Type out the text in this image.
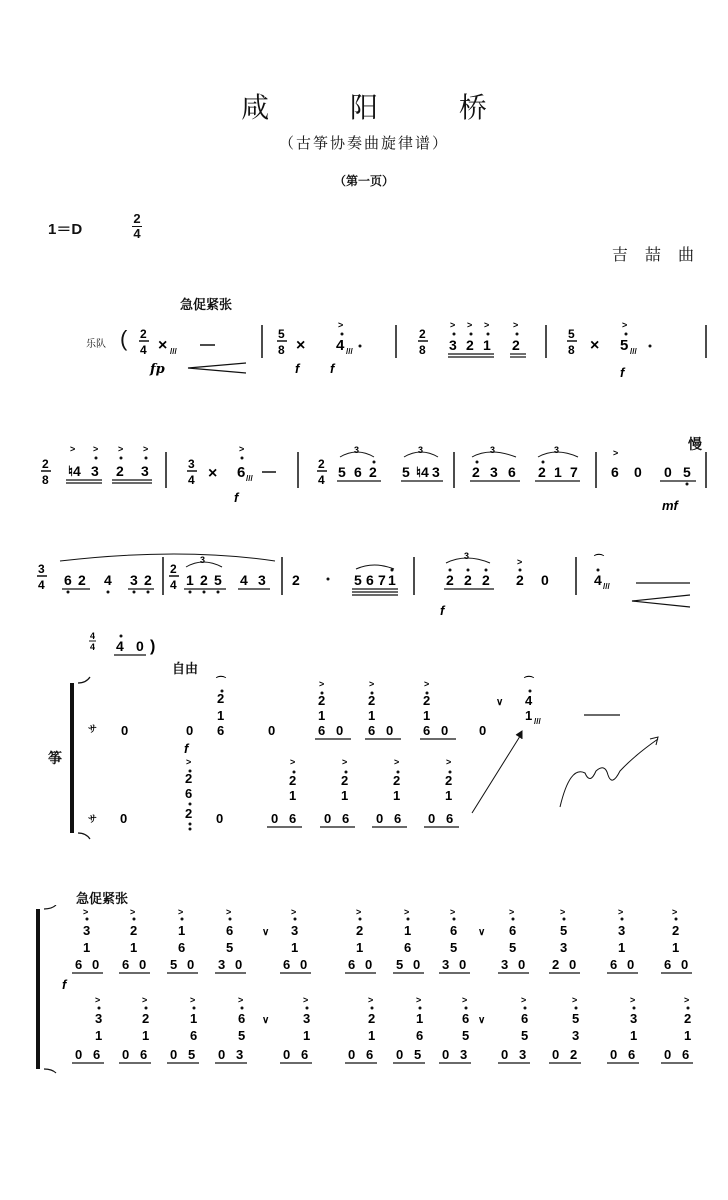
咸 阳 桥
（古筝协奏曲旋律谱）
（第一页）
1＝D
2
4
吉 喆 曲
急促紧张
乐队 ( 2
4 × ///
fp
5
8 ×
>
4 ///
f f
2
8
>
3
>
2
>
1
>
2
5
8 ×
>
5 ///
f
2
8
>
♮4
>
3
>
2
>
3	3
4 ×
>
6 ///
f
2
4 5 6 2 5 ♮4 3
3	3
2 3 6 2 1 7
3	3	>
6 0 0 5
mf
慢
3
4 6 2 4 3 2
2
4 1 2 5 4 3
3
2	5 6 7 1	2 2 2
>
2 0
3
f
⌒
4 ///
4
4 4 0 )
自由
筝
サ
サ
0	0
⌒
2
1
6	0
>
2
1
6 0
>
2
1
6 0
>
2
1
6 0 0
∨
⌒
4
1 ///
f
0
>
2
6
2 0
>
2
1
0 6
>
2
1
0 6
>
2
1
0 6
>
2
1
0 6
急促紧张
f
>
3
1
6 0
>
2
1
6 0
>
1
6
5 0
>
6
5
3 0
>
3
1
6 0
>
2
1
6 0
>
1
6
5 0
>
6
5
3 0
>
6
5
3 0
>
5
3
2 0
>
3
1
6 0
>
2
1
6 0
∨	∨
>
3
1
0 6
>
2
1
0 6
>
1
6
0 5
>
6
5
0 3
>
3
1
0 6
>
2
1
0 6
>
1
6
0 5
>
6
5
0 3
>
6
5
0 3
>
5
3
0 2
>
3
1
0 6
>
2
1
0 6
∨	∨
